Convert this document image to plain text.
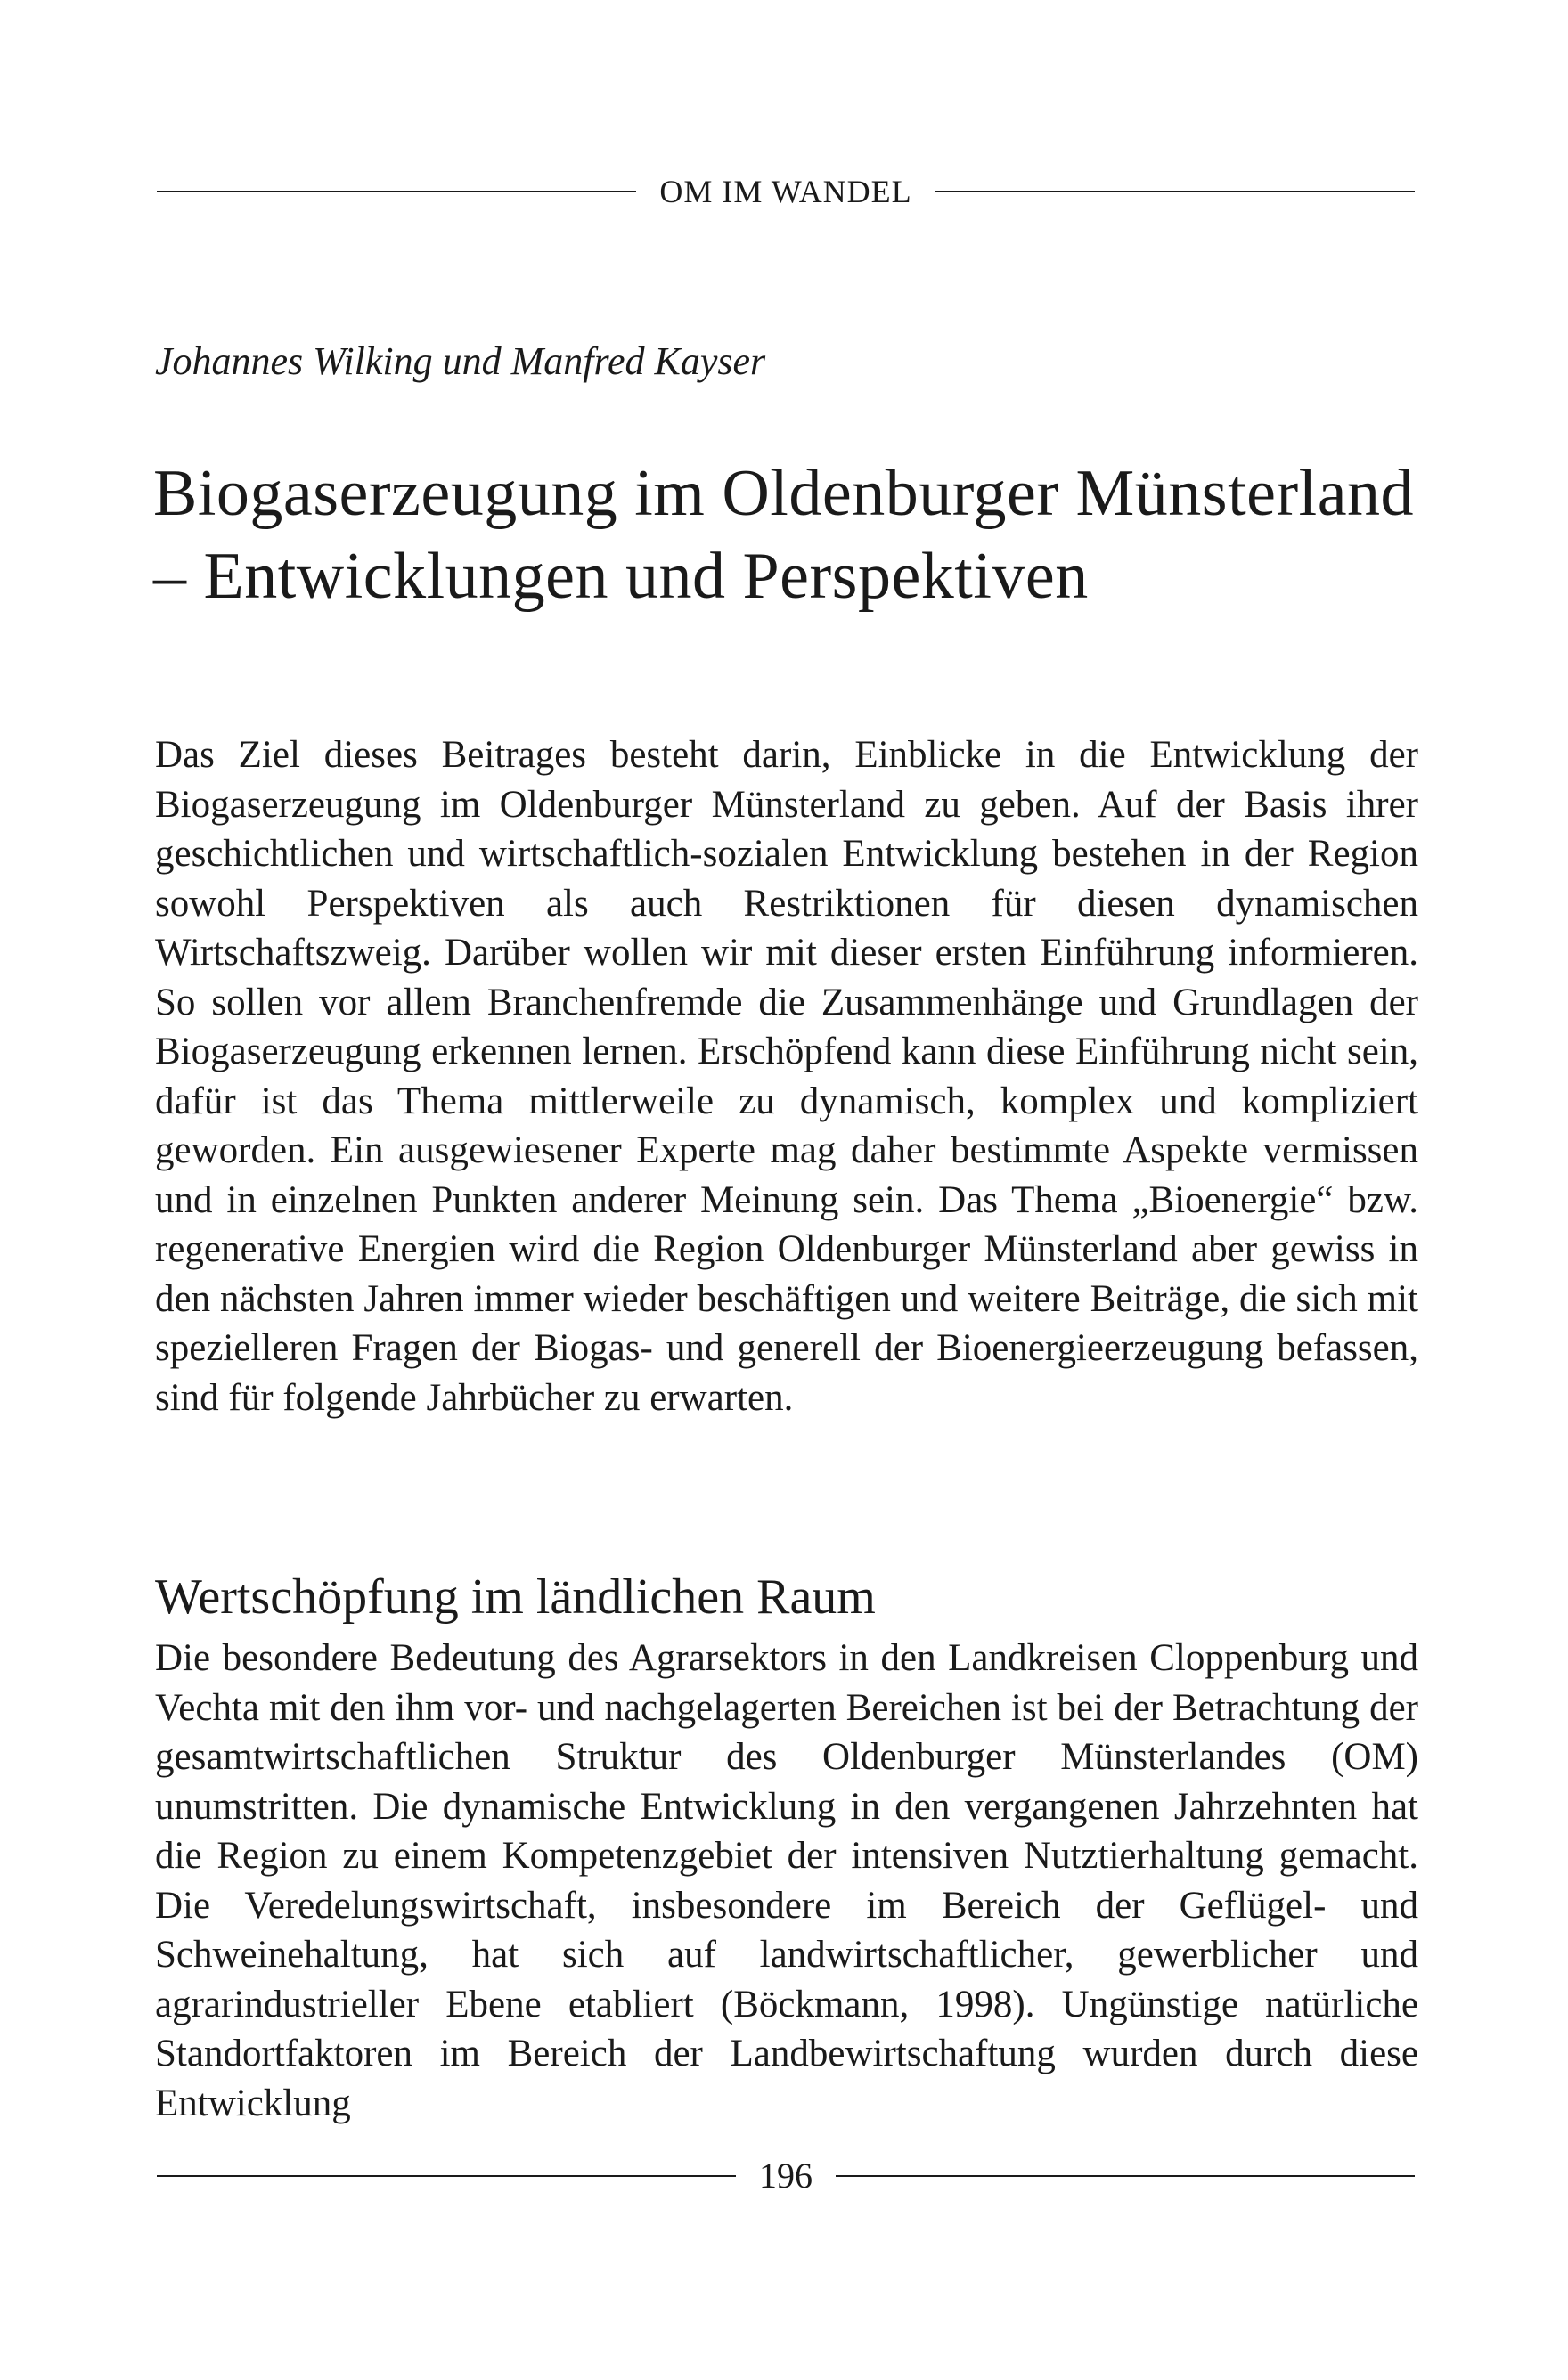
OM IM WANDEL
Johannes Wilking und Manfred Kayser
Biogaserzeugung im Oldenburger Münsterland – Entwicklungen und Perspektiven

Das Ziel dieses Beitrages besteht darin, Einblicke in die Entwicklung der Biogaserzeugung im Oldenburger Münsterland zu geben. Auf der Basis ihrer geschichtlichen und wirtschaftlich-sozialen Entwicklung bestehen in der Region sowohl Perspektiven als auch Restriktionen für diesen dynamischen Wirtschaftszweig. Darüber wollen wir mit dieser ersten Einführung informieren. So sollen vor allem Branchenfremde die Zusammenhänge und Grundlagen der Biogaserzeugung erkennen lernen. Erschöpfend kann diese Einführung nicht sein, dafür ist das Thema mittlerweile zu dynamisch, komplex und kompliziert geworden. Ein ausgewiesener Experte mag daher bestimmte Aspekte vermissen und in einzelnen Punkten anderer Meinung sein. Das Thema „Bioenergie“ bzw. regenerative Energien wird die Region Oldenburger Münsterland aber gewiss in den nächsten Jahren immer wieder beschäftigen und weitere Beiträge, die sich mit spezielleren Fragen der Biogas- und generell der Bioenergieerzeugung befassen, sind für folgende Jahrbücher zu erwarten.

Wertschöpfung im ländlichen Raum

Die besondere Bedeutung des Agrarsektors in den Landkreisen Cloppenburg und Vechta mit den ihm vor- und nachgelagerten Bereichen ist bei der Betrachtung der gesamtwirtschaftlichen Struktur des Oldenburger Münsterlandes (OM) unumstritten. Die dynamische Entwicklung in den vergangenen Jahrzehnten hat die Region zu einem Kompetenzgebiet der intensiven Nutztierhaltung gemacht. Die Veredelungswirtschaft, insbesondere im Bereich der Geflügel- und Schweinehaltung, hat sich auf landwirtschaftlicher, gewerblicher und agrarindustrieller Ebene etabliert (Böckmann, 1998). Ungünstige natürliche Standortfaktoren im Bereich der Landbewirtschaftung wurden durch diese Entwicklung

196
